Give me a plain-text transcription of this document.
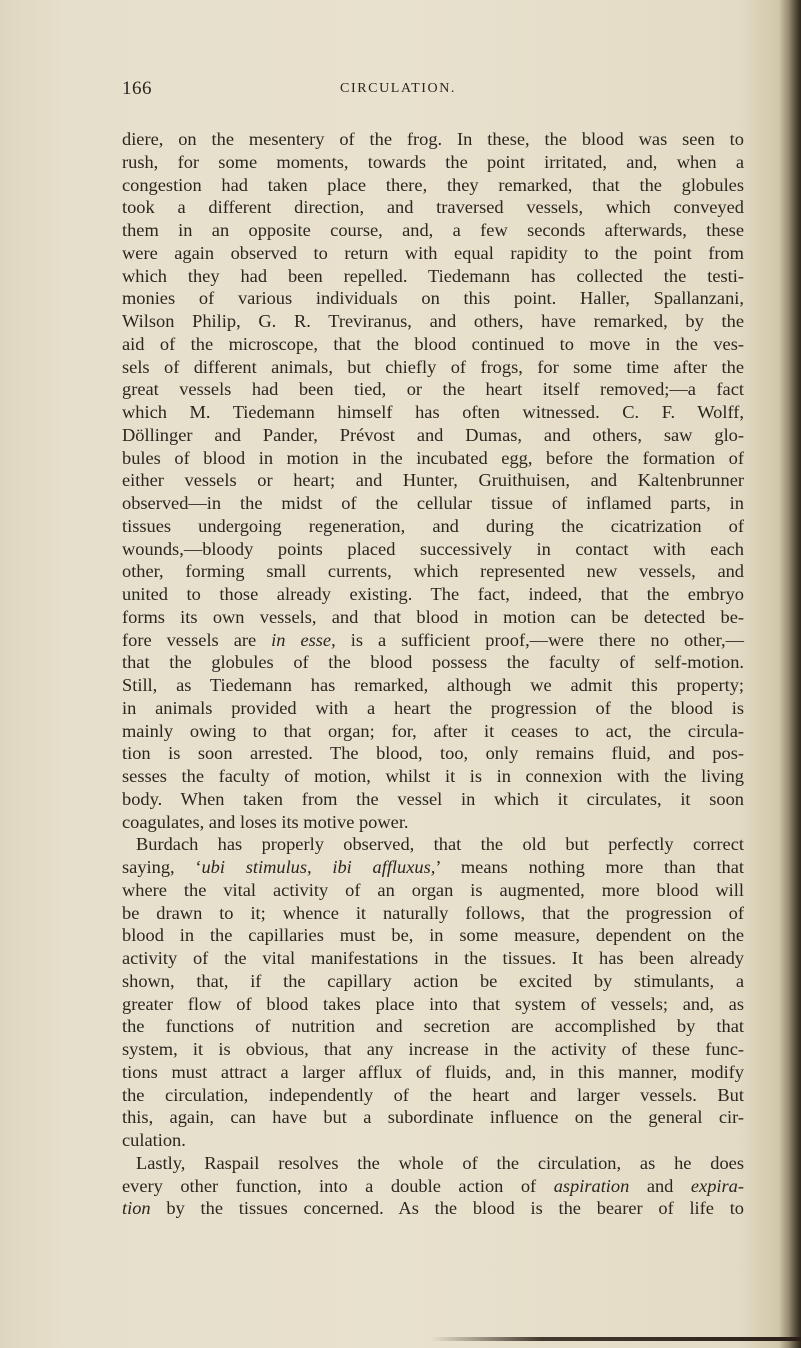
166	CIRCULATION.
diere, on the mesentery of the frog. In these, the blood was seen to
rush, for some moments, towards the point irritated, and, when a
congestion had taken place there, they remarked, that the globules
took a different direction, and traversed vessels, which conveyed
them in an opposite course, and, a few seconds afterwards, these
were again observed to return with equal rapidity to the point from
which they had been repelled. Tiedemann has collected the testi-
monies of various individuals on this point. Haller, Spallanzani,
Wilson Philip, G. R. Treviranus, and others, have remarked, by the
aid of the microscope, that the blood continued to move in the ves-
sels of different animals, but chiefly of frogs, for some time after the
great vessels had been tied, or the heart itself removed;—a fact
which M. Tiedemann himself has often witnessed. C. F. Wolff,
Döllinger and Pander, Prévost and Dumas, and others, saw glo-
bules of blood in motion in the incubated egg, before the formation of
either vessels or heart; and Hunter, Gruithuisen, and Kaltenbrunner
observed—in the midst of the cellular tissue of inflamed parts, in
tissues undergoing regeneration, and during the cicatrization of
wounds,—bloody points placed successively in contact with each
other, forming small currents, which represented new vessels, and
united to those already existing. The fact, indeed, that the embryo
forms its own vessels, and that blood in motion can be detected be-
fore vessels are in esse, is a sufficient proof,—were there no other,—
that the globules of the blood possess the faculty of self-motion.
Still, as Tiedemann has remarked, although we admit this property;
in animals provided with a heart the progression of the blood is
mainly owing to that organ; for, after it ceases to act, the circula-
tion is soon arrested. The blood, too, only remains fluid, and pos-
sesses the faculty of motion, whilst it is in connexion with the living
body. When taken from the vessel in which it circulates, it soon
coagulates, and loses its motive power.
Burdach has properly observed, that the old but perfectly correct
saying, ‘ubi stimulus, ibi affluxus,’ means nothing more than that
where the vital activity of an organ is augmented, more blood will
be drawn to it; whence it naturally follows, that the progression of
blood in the capillaries must be, in some measure, dependent on the
activity of the vital manifestations in the tissues. It has been already
shown, that, if the capillary action be excited by stimulants, a
greater flow of blood takes place into that system of vessels; and, as
the functions of nutrition and secretion are accomplished by that
system, it is obvious, that any increase in the activity of these func-
tions must attract a larger afflux of fluids, and, in this manner, modify
the circulation, independently of the heart and larger vessels. But
this, again, can have but a subordinate influence on the general cir-
culation.
Lastly, Raspail resolves the whole of the circulation, as he does
every other function, into a double action of aspiration and expira-
tion by the tissues concerned. As the blood is the bearer of life to
